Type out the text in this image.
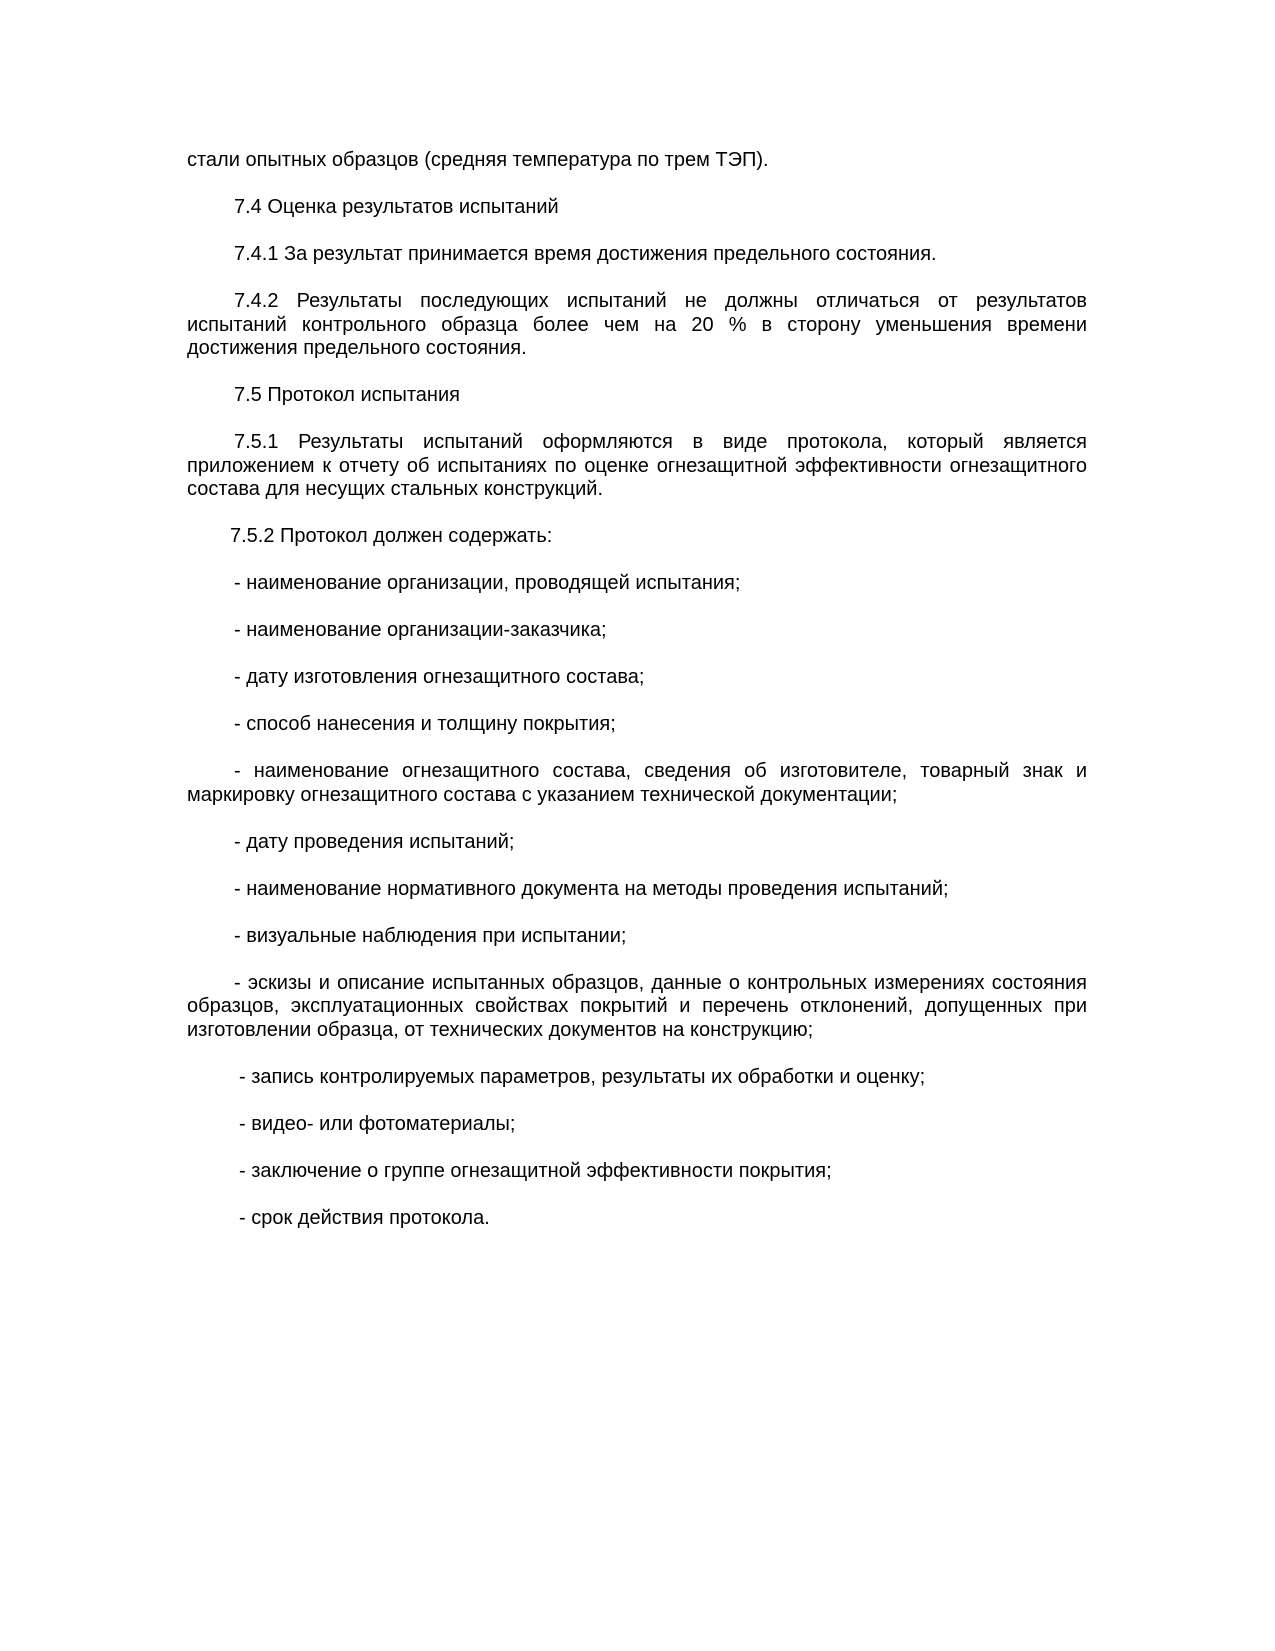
стали опытных образцов (средняя температура по трем ТЭП).

7.4 Оценка результатов испытаний

7.4.1 За результат принимается время достижения предельного состояния.

7.4.2 Результаты последующих испытаний не должны отличаться от результатов испытаний контрольного образца более чем на 20 % в сторону уменьшения времени достижения предельного состояния.

7.5 Протокол испытания

7.5.1 Результаты испытаний оформляются в виде протокола, который является приложением к отчету об испытаниях по оценке огнезащитной эффективности огнезащитного состава для несущих стальных конструкций.

7.5.2 Протокол должен содержать:

- наименование организации, проводящей испытания;

- наименование организации-заказчика;

- дату изготовления огнезащитного состава;

- способ нанесения и толщину покрытия;

- наименование огнезащитного состава, сведения об изготовителе, товарный знак и маркировку огнезащитного состава с указанием технической документации;

- дату проведения испытаний;

- наименование нормативного документа на методы проведения испытаний;

- визуальные наблюдения при испытании;

- эскизы и описание испытанных образцов, данные о контрольных измерениях состояния образцов, эксплуатационных свойствах покрытий и перечень отклонений, допущенных при изготовлении образца, от технических документов на конструкцию;

- запись контролируемых параметров, результаты их обработки и оценку;

- видео- или фотоматериалы;

- заключение о группе огнезащитной эффективности покрытия;

- срок действия протокола.
